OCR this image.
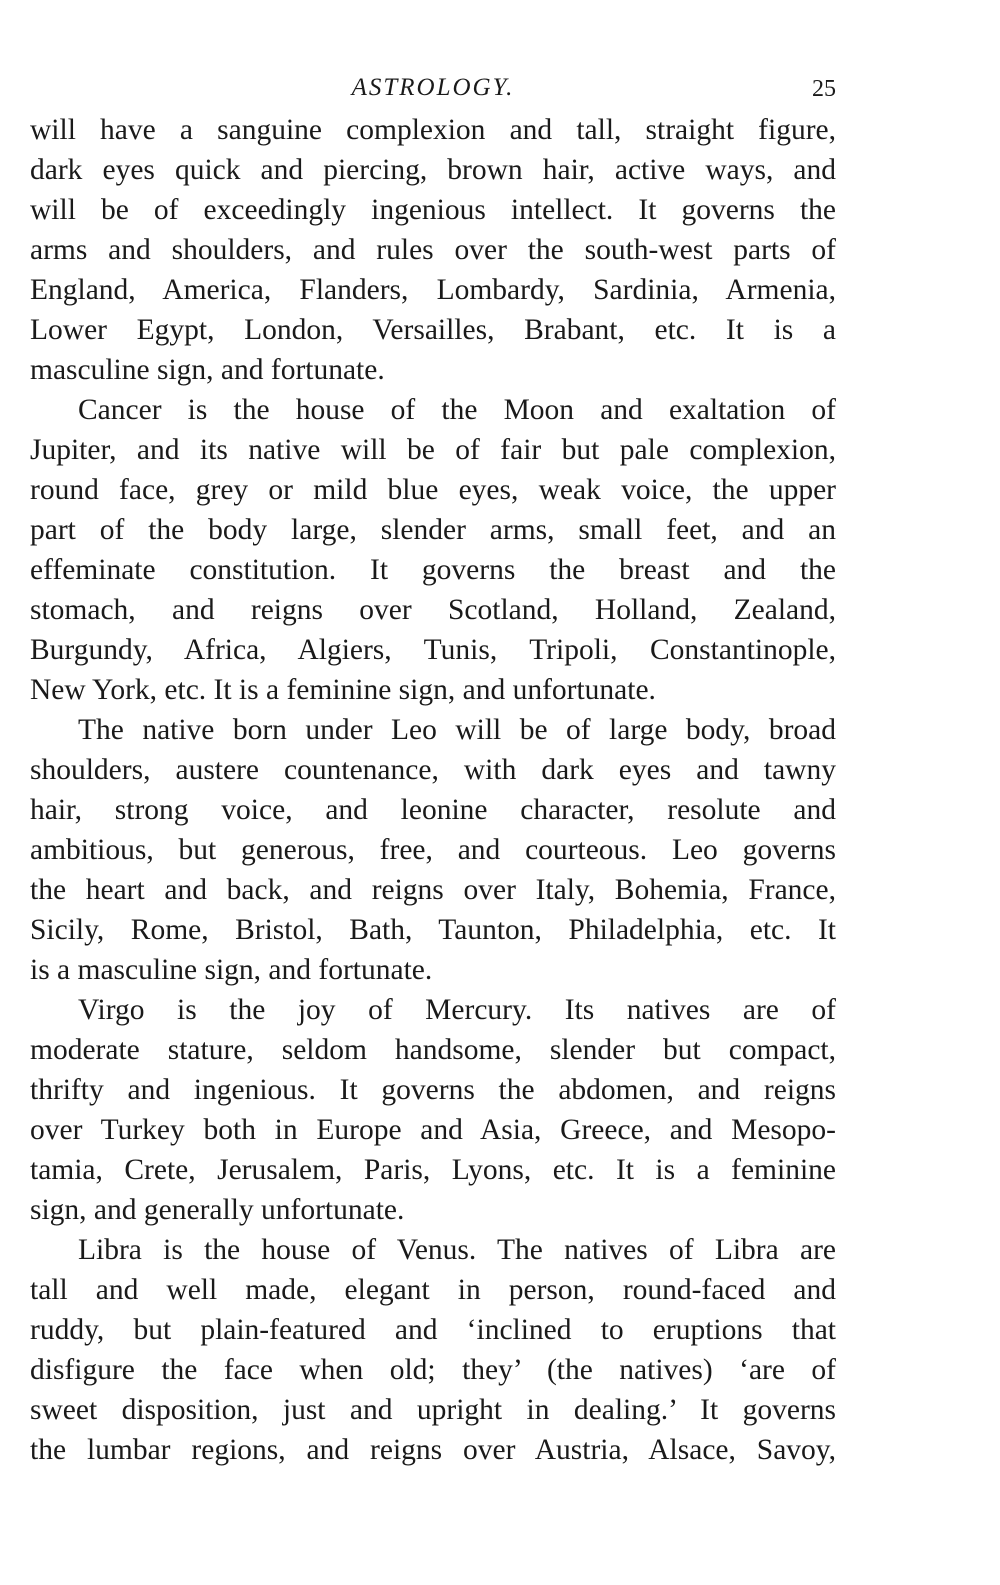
ASTROLOGY.	25
will have a sanguine complexion and tall, straight figure,
dark eyes quick and piercing, brown hair, active ways, and
will be of exceedingly ingenious intellect. It governs the
arms and shoulders, and rules over the south-west parts of
England, America, Flanders, Lombardy, Sardinia, Armenia,
Lower Egypt, London, Versailles, Brabant, etc. It is a
masculine sign, and fortunate.
Cancer is the house of the Moon and exaltation of
Jupiter, and its native will be of fair but pale complexion,
round face, grey or mild blue eyes, weak voice, the upper
part of the body large, slender arms, small feet, and an
effeminate constitution. It governs the breast and the
stomach, and reigns over Scotland, Holland, Zealand,
Burgundy, Africa, Algiers, Tunis, Tripoli, Constantinople,
New York, etc. It is a feminine sign, and unfortunate.
The native born under Leo will be of large body, broad
shoulders, austere countenance, with dark eyes and tawny
hair, strong voice, and leonine character, resolute and
ambitious, but generous, free, and courteous. Leo governs
the heart and back, and reigns over Italy, Bohemia, France,
Sicily, Rome, Bristol, Bath, Taunton, Philadelphia, etc. It
is a masculine sign, and fortunate.
Virgo is the joy of Mercury. Its natives are of
moderate stature, seldom handsome, slender but compact,
thrifty and ingenious. It governs the abdomen, and reigns
over Turkey both in Europe and Asia, Greece, and Mesopo-
tamia, Crete, Jerusalem, Paris, Lyons, etc. It is a feminine
sign, and generally unfortunate.
Libra is the house of Venus. The natives of Libra are
tall and well made, elegant in person, round-faced and
ruddy, but plain-featured and ‘inclined to eruptions that
disfigure the face when old; they’ (the natives) ‘are of
sweet disposition, just and upright in dealing.’ It governs
the lumbar regions, and reigns over Austria, Alsace, Savoy,
